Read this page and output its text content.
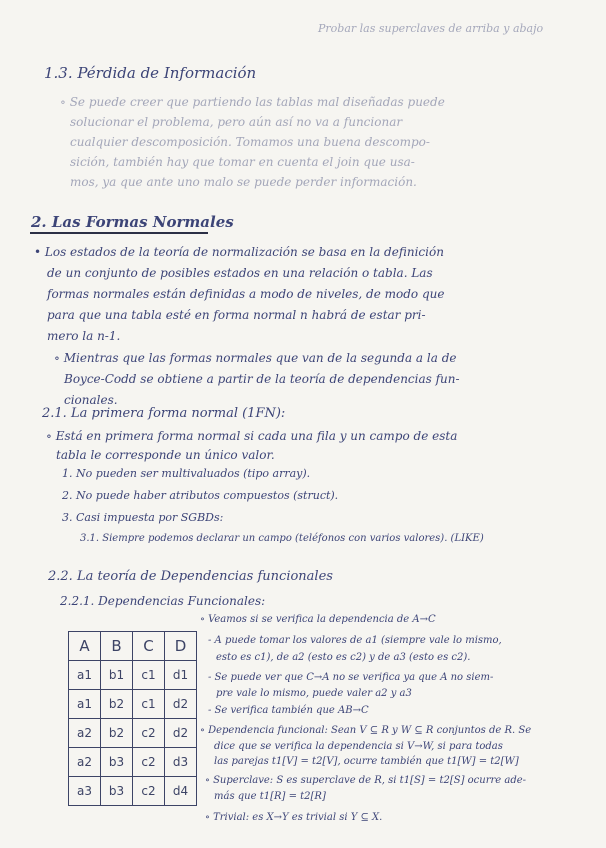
Probar las superclaves de arriba y abajo
1.3. Pérdida de Información
∘ Se puede creer que partiendo las tablas mal diseñadas puede
solucionar el problema, pero aún así no va a funcionar
cualquier descomposición. Tomamos una buena descompo-
sición, también hay que tomar en cuenta el join que usa-
mos, ya que ante uno malo se puede perder información.
2. Las Formas Normales
• Los estados de la teoría de normalización se basa en la definición
de un conjunto de posibles estados en una relación o tabla. Las
formas normales están definidas a modo de niveles, de modo que
para que una tabla esté en forma normal n habrá de estar pri-
mero la n-1.
∘ Mientras que las formas normales que van de la segunda a la de
Boyce-Codd se obtiene a partir de la teoría de dependencias fun-
cionales.
2.1. La primera forma normal (1FN):
∘ Está en primera forma normal si cada una fila y un campo de esta
tabla le corresponde un único valor.
1. No pueden ser multivaluados (tipo array).
2. No puede haber atributos compuestos (struct).
3. Casi impuesta por SGBDs:
3.1. Siempre podemos declarar un campo (teléfonos con varios valores). (LIKE)
2.2. La teoría de Dependencias funcionales
2.2.1. Dependencias Funcionales:
A	B	C	D
a1	b1	c1	d1
a1	b2	c1	d2
a2	b2	c2	d2
a2	b3	c2	d3
a3	b3	c2	d4
∘ Veamos si se verifica la dependencia de A→C
- A puede tomar los valores de a1 (siempre vale lo mismo,
esto es c1), de a2 (esto es c2) y de a3 (esto es c2).
- Se puede ver que C→A no se verifica ya que A no siem-
pre vale lo mismo, puede valer a2 y a3
- Se verifica también que AB→C
∘ Dependencia funcional: Sean V ⊆ R y W ⊆ R conjuntos de R. Se
dice que se verifica la dependencia si V→W, si para todas
las parejas t1[V] = t2[V], ocurre también que t1[W] = t2[W]
∘ Superclave: S es superclave de R, si t1[S] = t2[S] ocurre ade-
más que t1[R] = t2[R]
∘ Trivial: es X→Y es trivial si Y ⊆ X.
